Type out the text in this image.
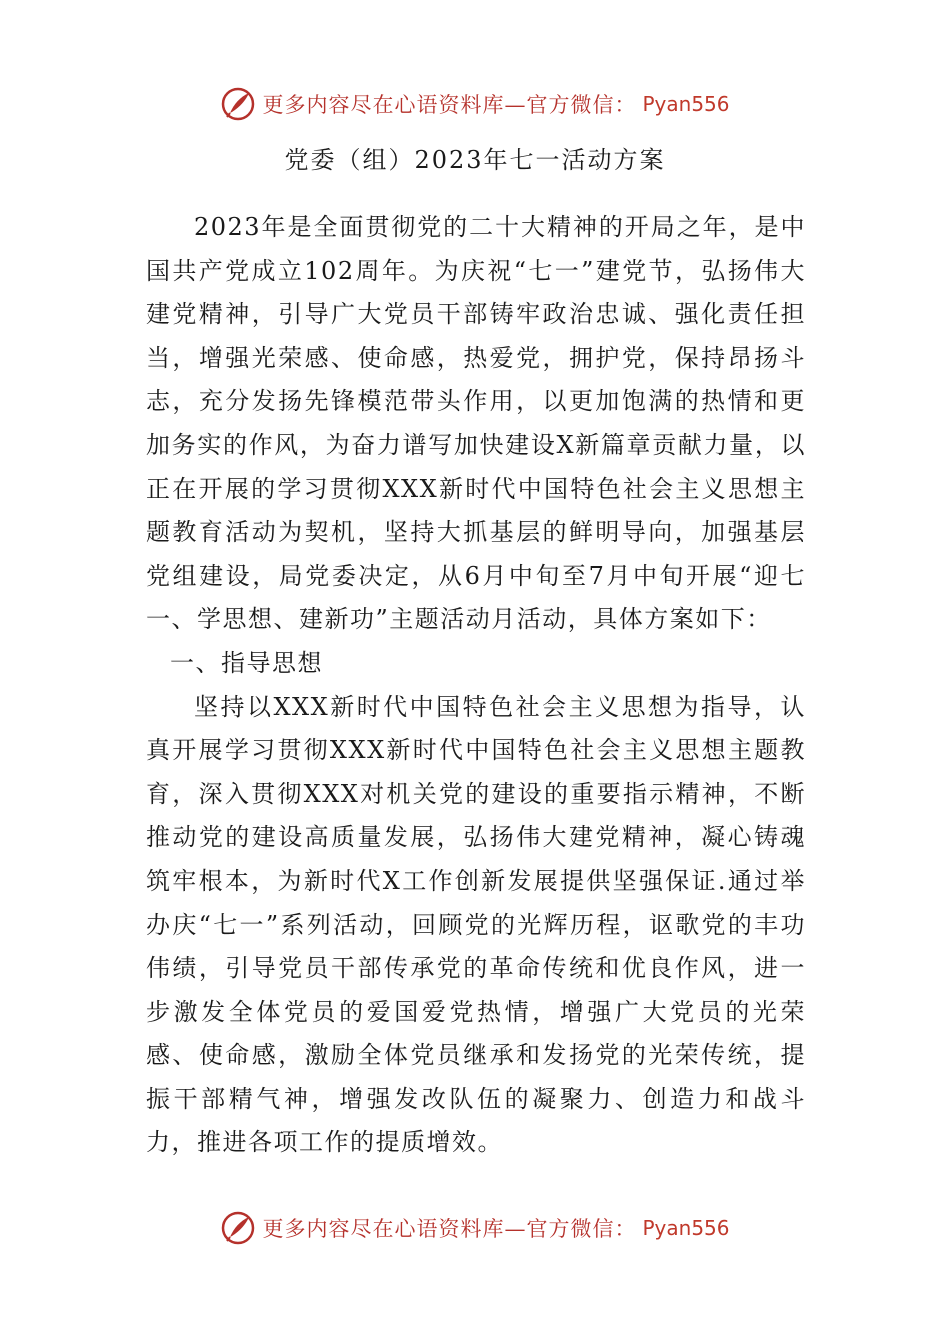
更多内容尽在心语资料库—官方微信： Pyan556
党委（组）2023年七一活动方案

2023年是全面贯彻党的二十大精神的开局之年，是中国共产党成立102周年。为庆祝“七一”建党节，弘扬伟大建党精神，引导广大党员干部铸牢政治忠诚、强化责任担当，增强光荣感、使命感，热爱党，拥护党，保持昂扬斗志，充分发扬先锋模范带头作用，以更加饱满的热情和更加务实的作风，为奋力谱写加快建设X新篇章贡献力量，以正在开展的学习贯彻XXX新时代中国特色社会主义思想主题教育活动为契机，坚持大抓基层的鲜明导向，加强基层党组建设，局党委决定，从6月中旬至7月中旬开展“迎七一、学思想、建新功”主题活动月活动，具体方案如下：

一、指导思想

坚持以XXX新时代中国特色社会主义思想为指导，认真开展学习贯彻XXX新时代中国特色社会主义思想主题教育，深入贯彻XXX对机关党的建设的重要指示精神，不断推动党的建设高质量发展，弘扬伟大建党精神，凝心铸魂筑牢根本，为新时代X工作创新发展提供坚强保证.通过举办庆“七一”系列活动，回顾党的光辉历程，讴歌党的丰功伟绩，引导党员干部传承党的革命传统和优良作风，进一步激发全体党员的爱国爱党热情，增强广大党员的光荣感、使命感，激励全体党员继承和发扬党的光荣传统，提振干部精气神，增强发改队伍的凝聚力、创造力和战斗力，推进各项工作的提质增效。

更多内容尽在心语资料库—官方微信： Pyan556
